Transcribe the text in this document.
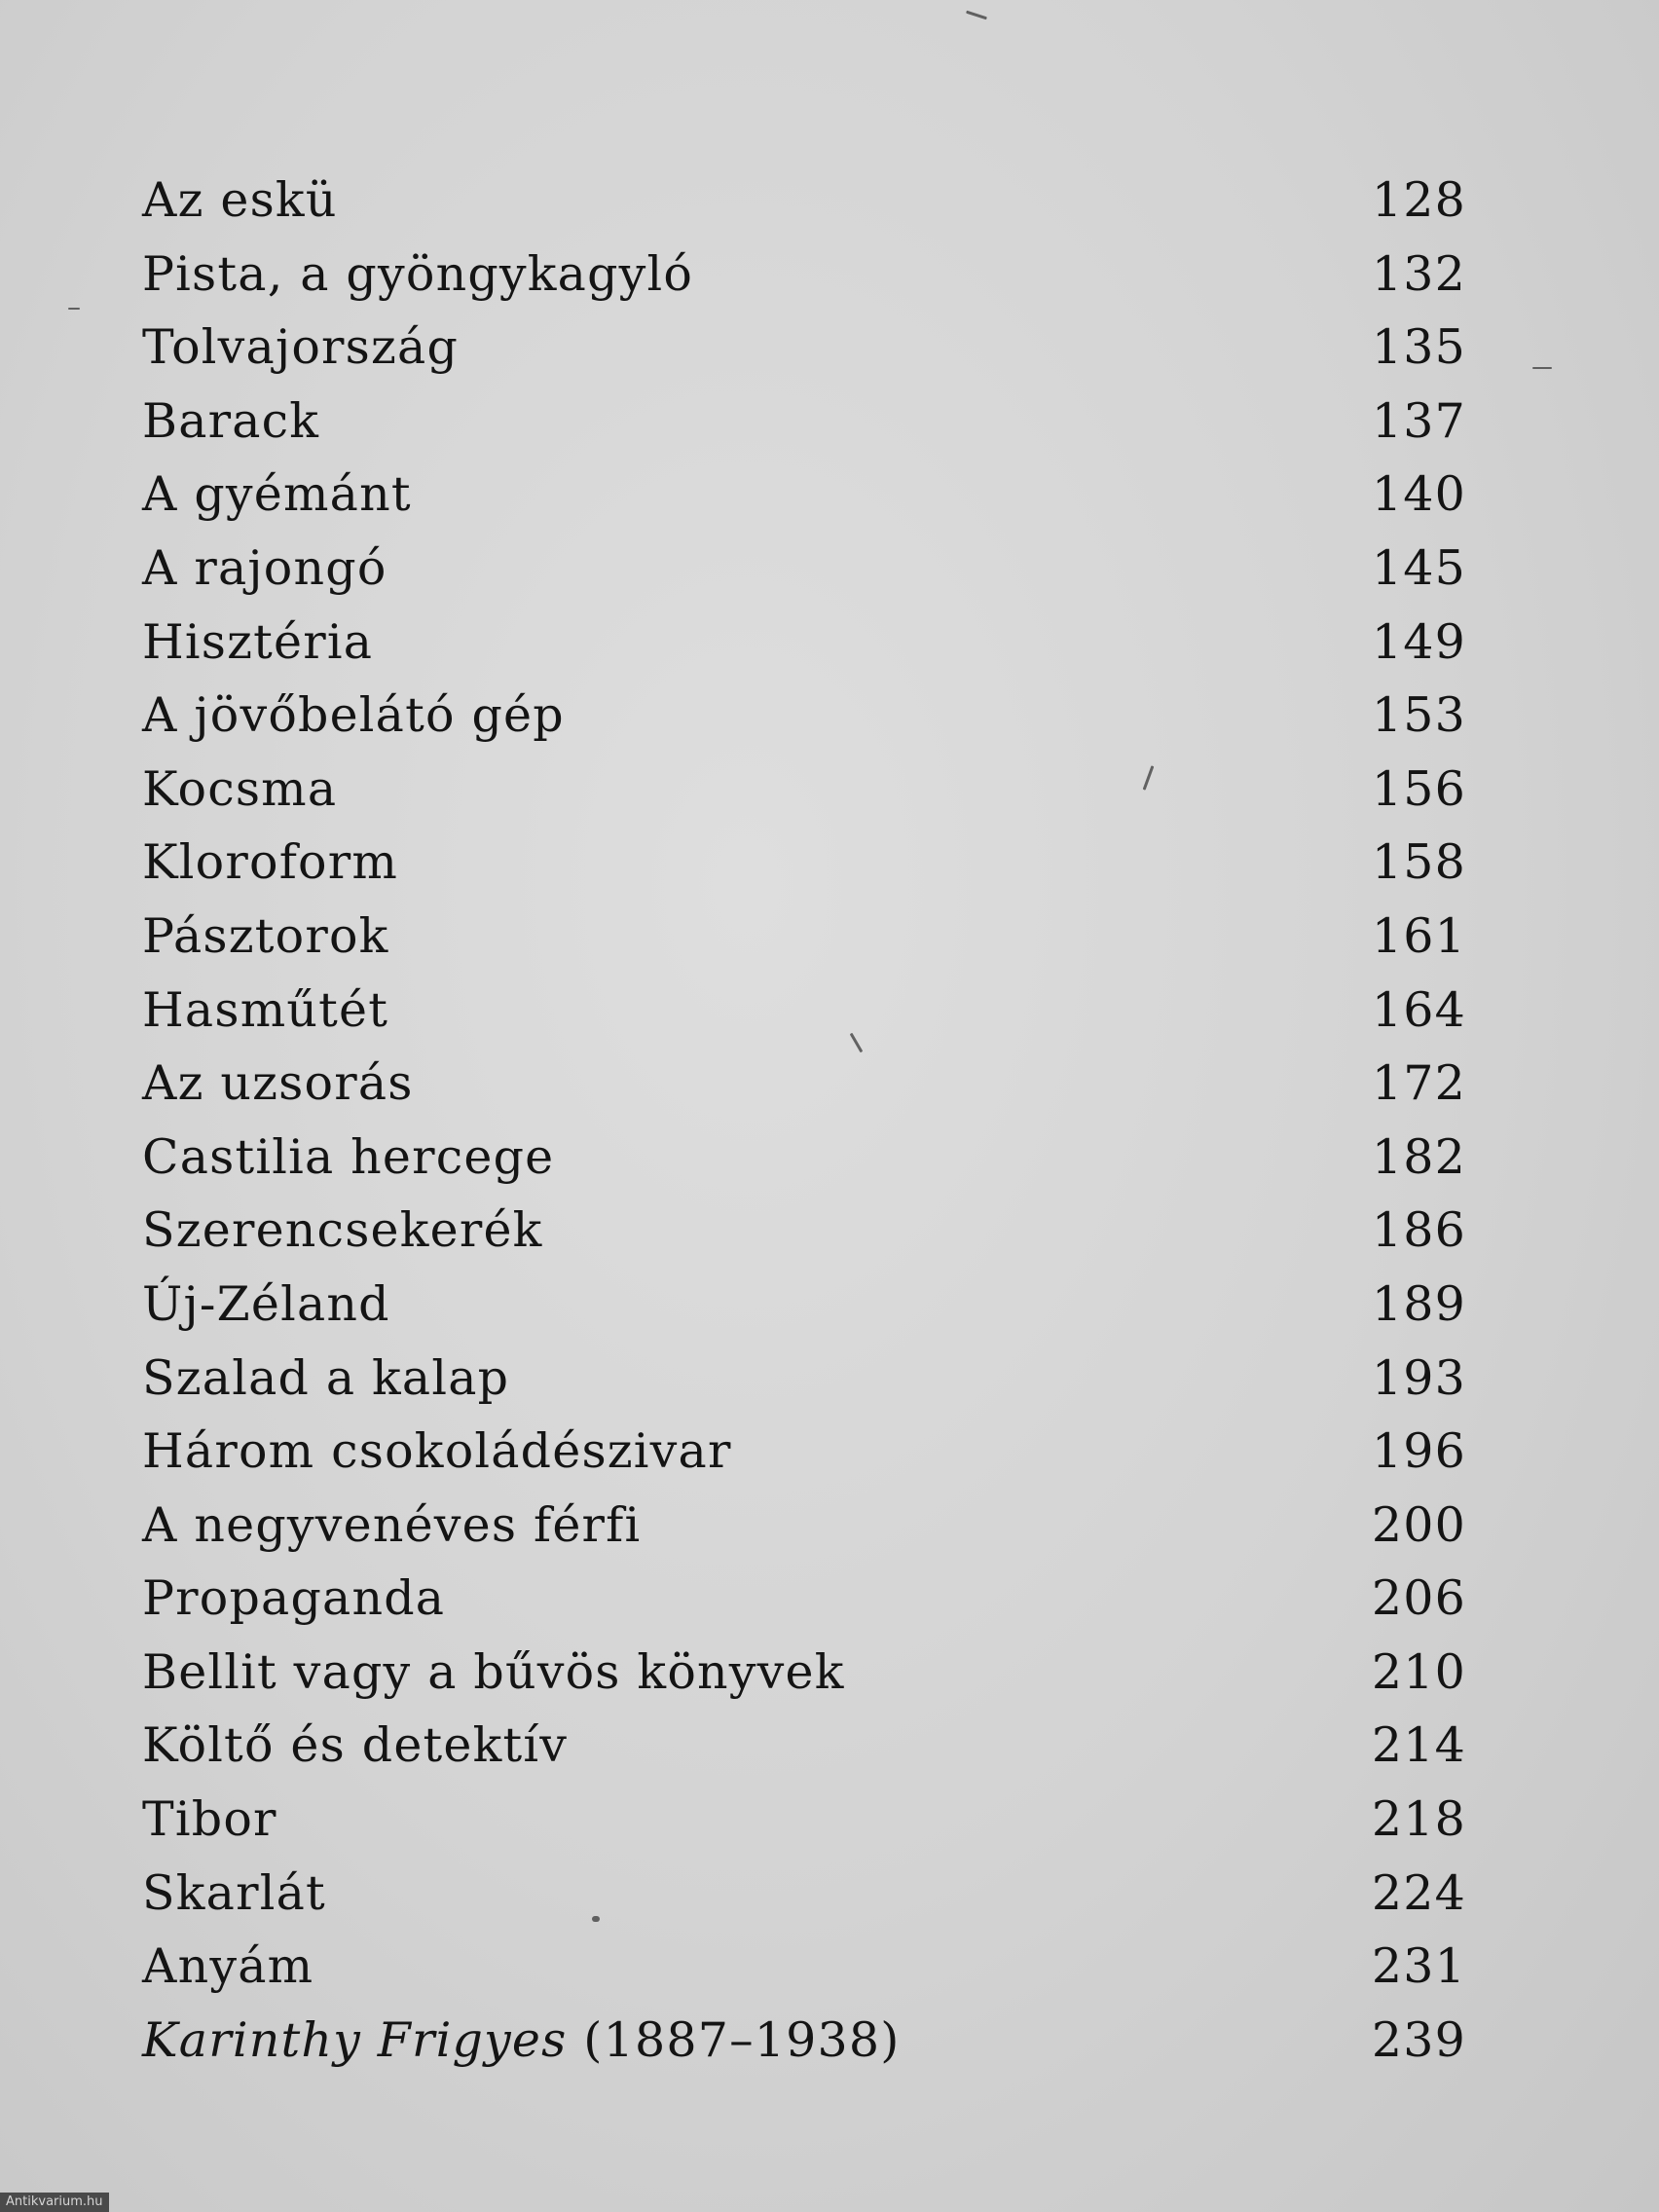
Az eskü	128
Pista, a gyöngykagyló	132
Tolvajország	135
Barack	137
A gyémánt	140
A rajongó	145
Hisztéria	149
A jövőbelátó gép	153
Kocsma	156
Kloroform	158
Pásztorok	161
Hasműtét	164
Az uzsorás	172
Castilia hercege	182
Szerencsekerék	186
Új-Zéland	189
Szalad a kalap	193
Három csokoládészivar	196
A negyvenéves férfi	200
Propaganda	206
Bellit vagy a bűvös könyvek	210
Költő és detektív	214
Tibor	218
Skarlát	224
Anyám	231
Karinthy Frigyes (1887–1938)	239
Antikvarium.hu
